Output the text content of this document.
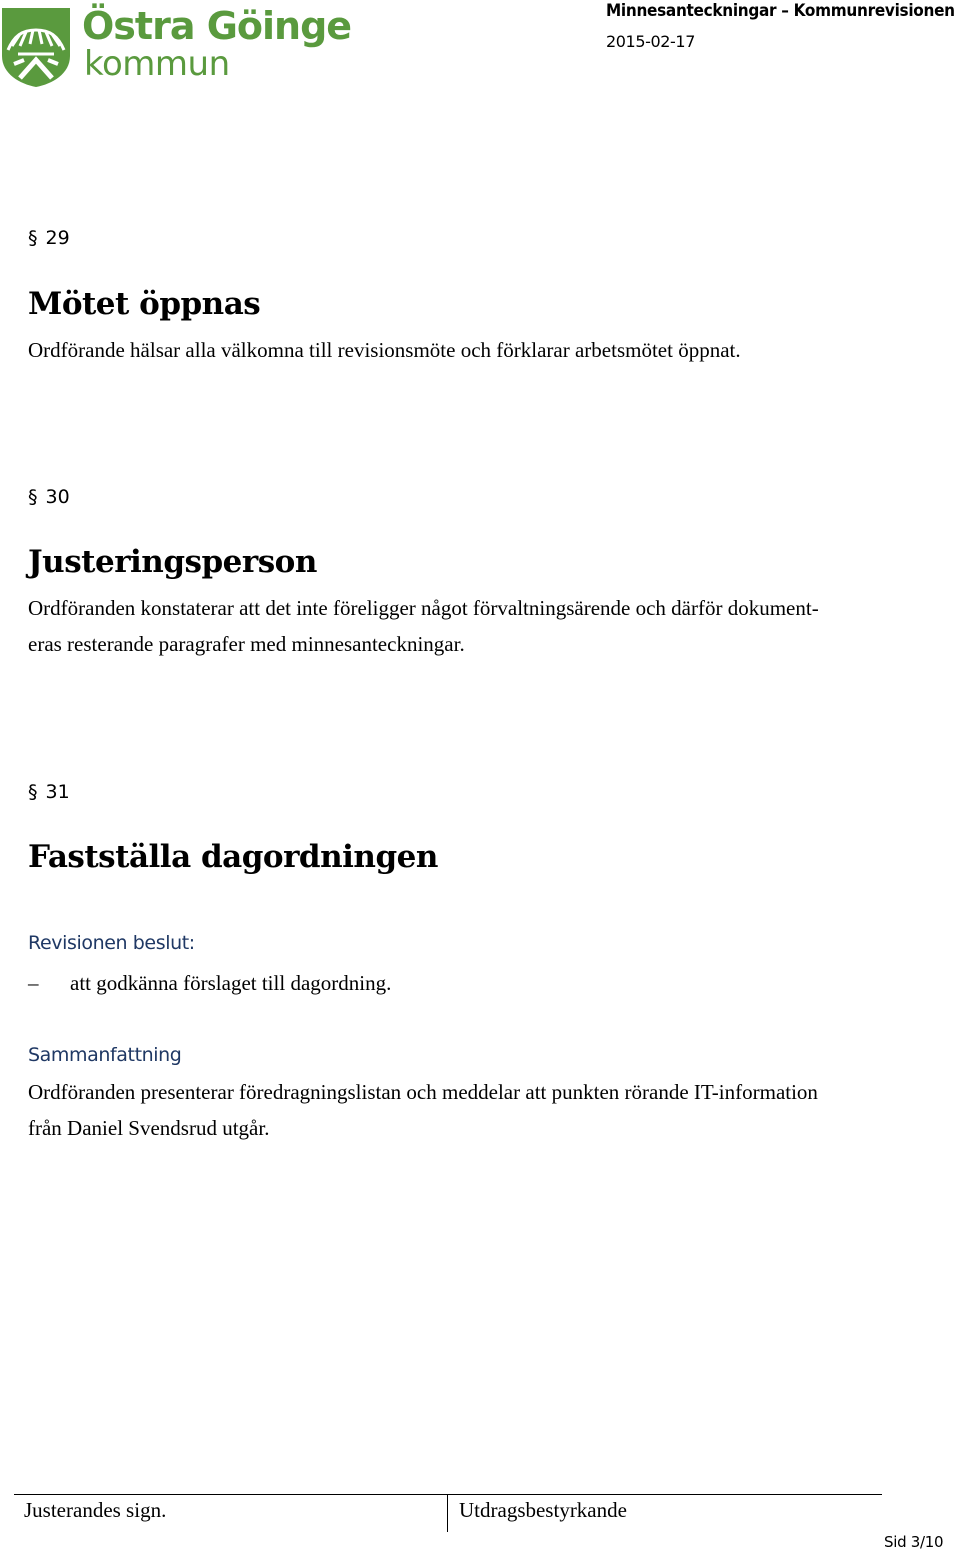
Östra Göinge
kommun
Minnesanteckningar – Kommunrevisionen
2015-02-17
§ 29
Mötet öppnas
Ordförande hälsar alla välkomna till revisionsmöte och förklarar arbetsmötet öppnat.
§ 30
Justeringsperson
Ordföranden konstaterar att det inte föreligger något förvaltningsärende och därför dokument-
eras resterande paragrafer med minnesanteckningar.
§ 31
Fastställa dagordningen
Revisionen beslut:
– att godkänna förslaget till dagordning.
Sammanfattning
Ordföranden presenterar föredragningslistan och meddelar att punkten rörande IT-information
från Daniel Svendsrud utgår.
Justerandes sign.	Utdragsbestyrkande
Sid 3/10
